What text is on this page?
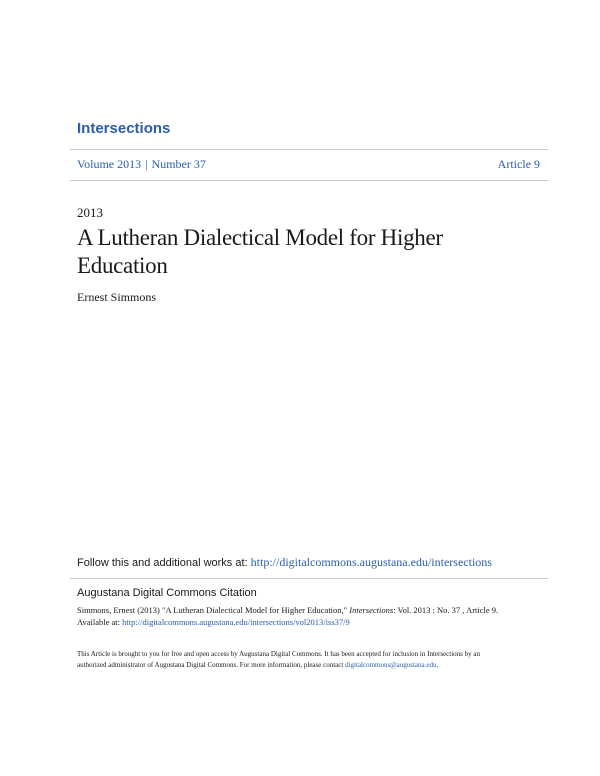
Intersections
Volume 2013 | Number 37	Article 9
2013
A Lutheran Dialectical Model for Higher Education
Ernest Simmons
Follow this and additional works at: http://digitalcommons.augustana.edu/intersections
Augustana Digital Commons Citation
Simmons, Ernest (2013) "A Lutheran Dialectical Model for Higher Education," Intersections: Vol. 2013 : No. 37 , Article 9.
Available at: http://digitalcommons.augustana.edu/intersections/vol2013/iss37/9
This Article is brought to you for free and open access by Augustana Digital Commons. It has been accepted for inclusion in Intersections by an authorized administrator of Augustana Digital Commons. For more information, please contact digitalcommons@augustana.edu.
